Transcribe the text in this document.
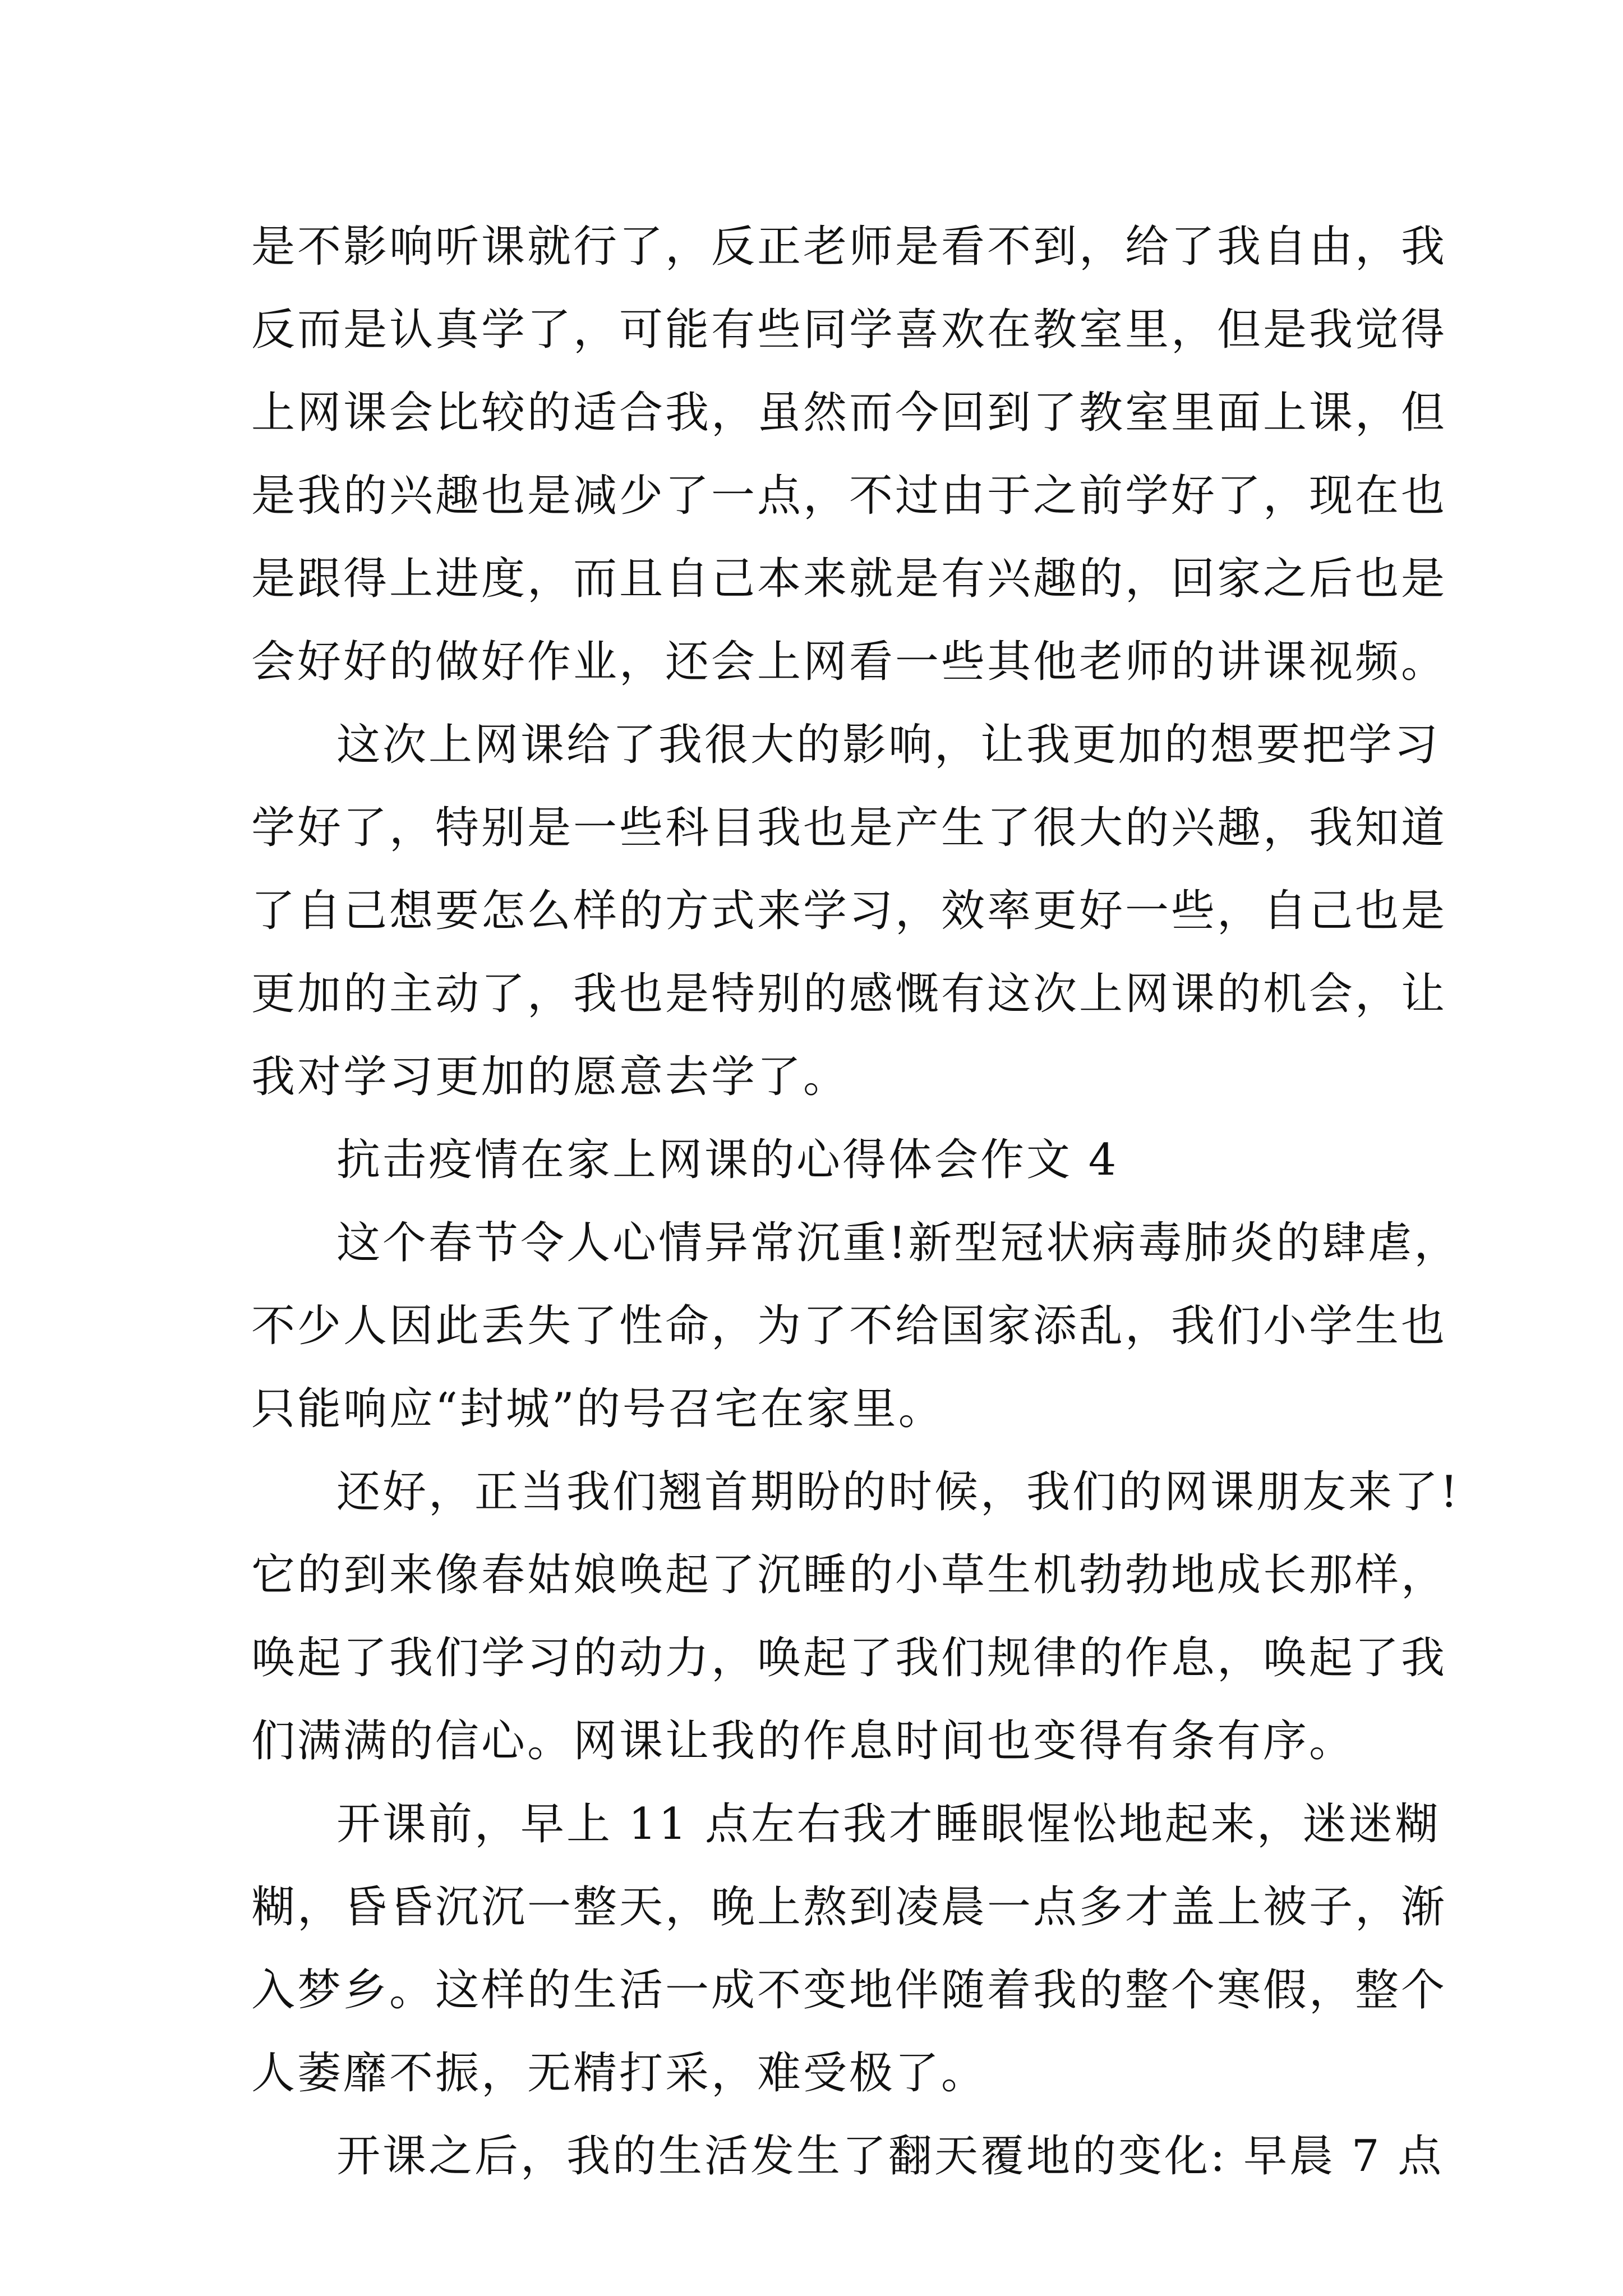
是不影响听课就行了，反正老师是看不到，给了我自由，我
反而是认真学了，可能有些同学喜欢在教室里，但是我觉得
上网课会比较的适合我，虽然而今回到了教室里面上课，但
是我的兴趣也是减少了一点，不过由于之前学好了，现在也
是跟得上进度，而且自己本来就是有兴趣的，回家之后也是
会好好的做好作业，还会上网看一些其他老师的讲课视频。
这次上网课给了我很大的影响，让我更加的想要把学习
学好了，特别是一些科目我也是产生了很大的兴趣，我知道
了自己想要怎么样的方式来学习，效率更好一些，自己也是
更加的主动了，我也是特别的感慨有这次上网课的机会，让
我对学习更加的愿意去学了。
抗击疫情在家上网课的心得体会作文 4
这个春节令人心情异常沉重!新型冠状病毒肺炎的肆虐，
不少人因此丢失了性命，为了不给国家添乱，我们小学生也
只能响应“封城”的号召宅在家里。
还好，正当我们翘首期盼的时候，我们的网课朋友来了!
它的到来像春姑娘唤起了沉睡的小草生机勃勃地成长那样，
唤起了我们学习的动力，唤起了我们规律的作息，唤起了我
们满满的信心。网课让我的作息时间也变得有条有序。
开课前，早上 11 点左右我才睡眼惺忪地起来，迷迷糊
糊，昏昏沉沉一整天，晚上熬到凌晨一点多才盖上被子，渐
入梦乡。这样的生活一成不变地伴随着我的整个寒假，整个
人萎靡不振，无精打采，难受极了。
开课之后，我的生活发生了翻天覆地的变化: 早晨 7 点
